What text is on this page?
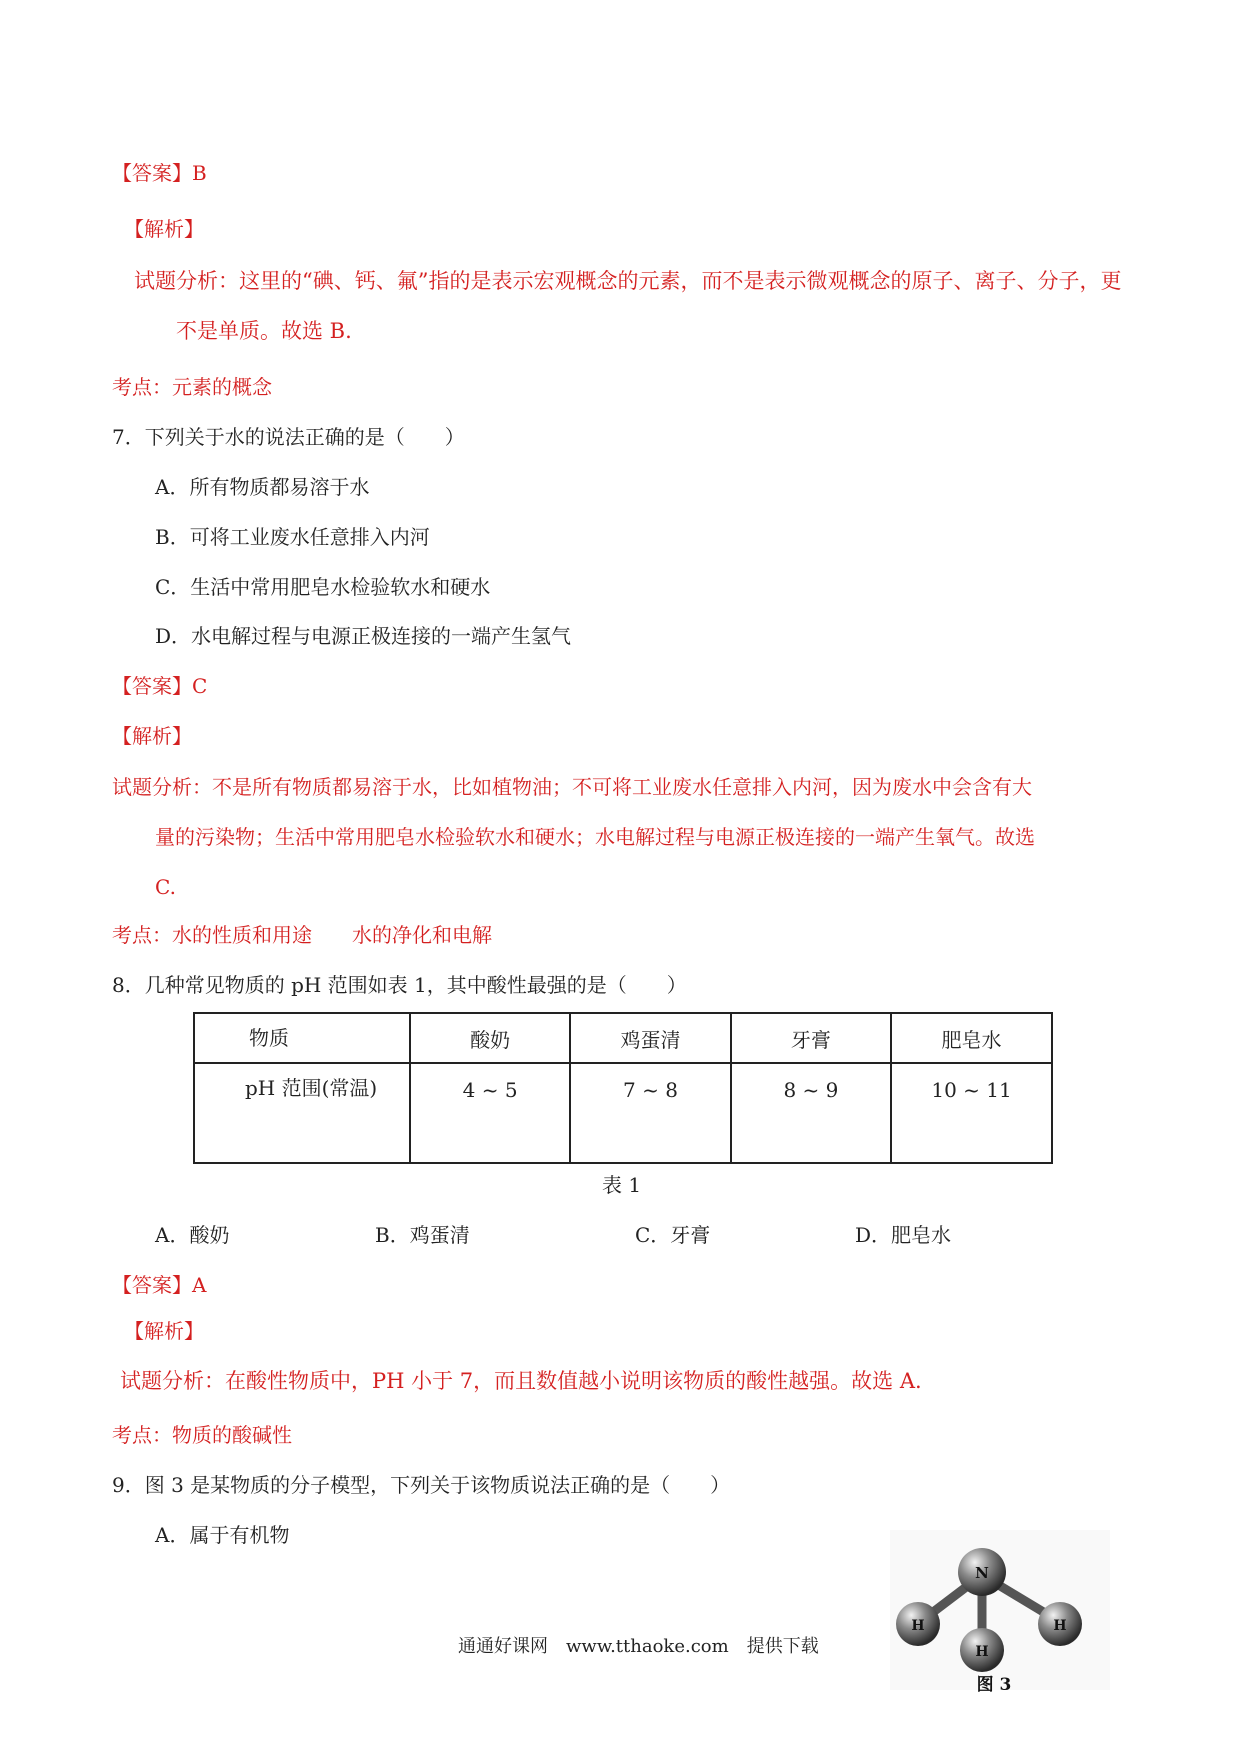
【答案】B
【解析】
试题分析：这里的“碘、钙、氟”指的是表示宏观概念的元素，而不是表示微观概念的原子、离子、分子，更
不是单质。故选 B.
考点：元素的概念
7．下列关于水的说法正确的是（　　）
A．所有物质都易溶于水
B．可将工业废水任意排入内河
C．生活中常用肥皂水检验软水和硬水
D．水电解过程与电源正极连接的一端产生氢气
【答案】C
【解析】
试题分析：不是所有物质都易溶于水，比如植物油；不可将工业废水任意排入内河，因为废水中会含有大
量的污染物；生活中常用肥皂水检验软水和硬水；水电解过程与电源正极连接的一端产生氧气。故选
C.
考点：水的性质和用途　　水的净化和电解
8．几种常见物质的 pH 范围如表 1，其中酸性最强的是（　　）
物质	酸奶	鸡蛋清	牙膏	肥皂水
pH 范围(常温)	4 ~ 5	7 ~ 8	8 ~ 9	10 ~ 11
表 1
A．酸奶	B．鸡蛋清	C．牙膏	D．肥皂水
【答案】A
【解析】
试题分析：在酸性物质中，PH 小于 7，而且数值越小说明该物质的酸性越强。故选 A.
考点：物质的酸碱性
9．图 3 是某物质的分子模型，下列关于该物质说法正确的是（　　）
A．属于有机物
N
H	H
H
图 3
通通好课网　www.tthaoke.com　提供下载
